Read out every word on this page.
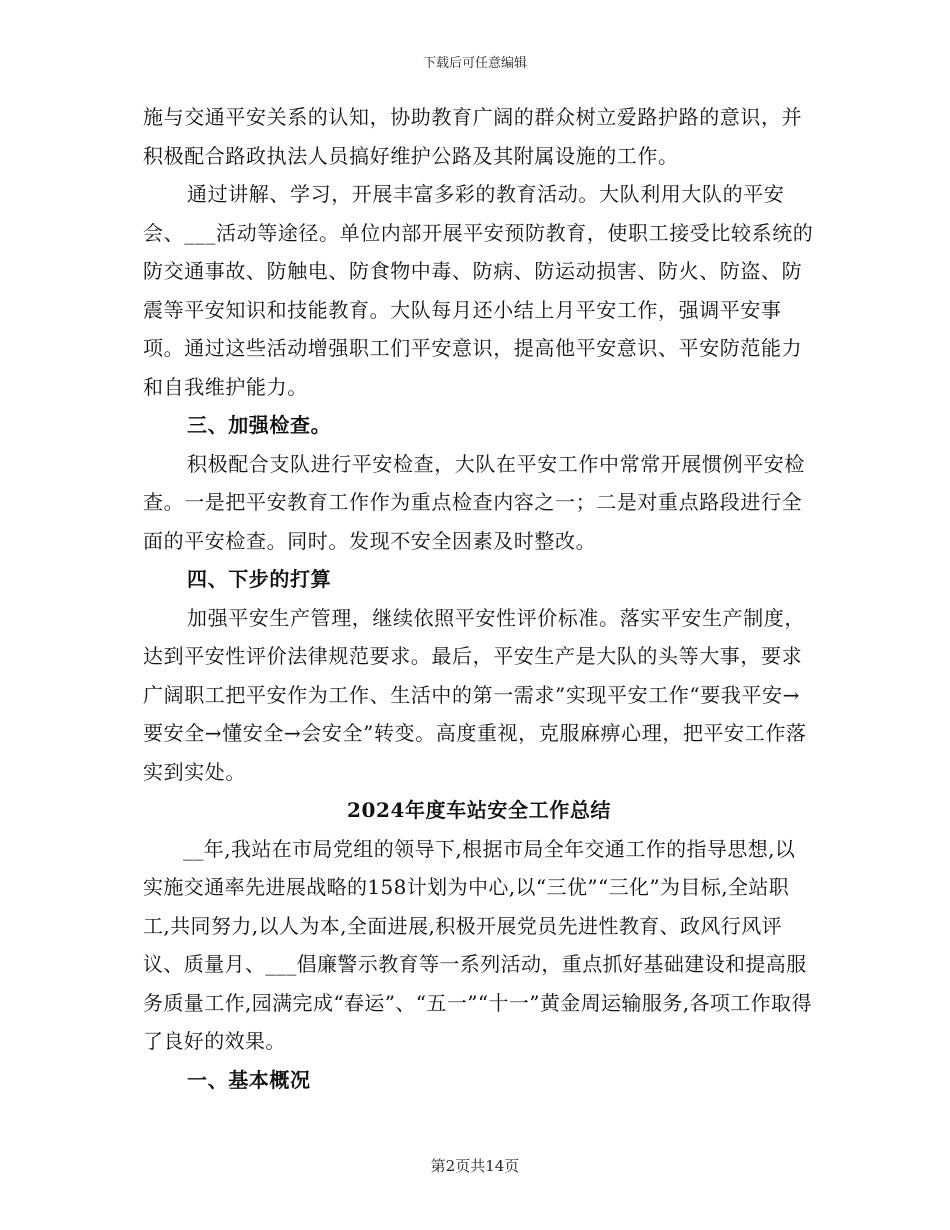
下载后可任意编辑

施与交通平安关系的认知，协助教育广阔的群众树立爱路护路的意识，并积极配合路政执法人员搞好维护公路及其附属设施的工作。

通过讲解、学习，开展丰富多彩的教育活动。大队利用大队的平安会、___活动等途径。单位内部开展平安预防教育，使职工接受比较系统的防交通事故、防触电、防食物中毒、防病、防运动损害、防火、防盗、防震等平安知识和技能教育。大队每月还小结上月平安工作，强调平安事项。通过这些活动增强职工们平安意识，提高他平安意识、平安防范能力和自我维护能力。

三、加强检查。

积极配合支队进行平安检查，大队在平安工作中常常开展惯例平安检查。一是把平安教育工作作为重点检查内容之一；二是对重点路段进行全面的平安检查。同时。发现不安全因素及时整改。

四、下步的打算

加强平安生产管理，继续依照平安性评价标准。落实平安生产制度，达到平安性评价法律规范要求。最后，平安生产是大队的头等大事，要求广阔职工把平安作为工作、生活中的第一需求”实现平安工作“要我平安→要安全→懂安全→会安全”转变。高度重视，克服麻痹心理，把平安工作落实到实处。

2024年度车站安全工作总结

__年,我站在市局党组的领导下,根据市局全年交通工作的指导思想,以实施交通率先进展战略的158计划为中心,以“三优”“三化”为目标,全站职工,共同努力,以人为本,全面进展,积极开展党员先进性教育、政风行风评议、质量月、___倡廉警示教育等一系列活动，重点抓好基础建设和提高服务质量工作,园满完成“春运”、“五一”“十一”黄金周运输服务,各项工作取得了良好的效果。

一、基本概况

第2页共14页
